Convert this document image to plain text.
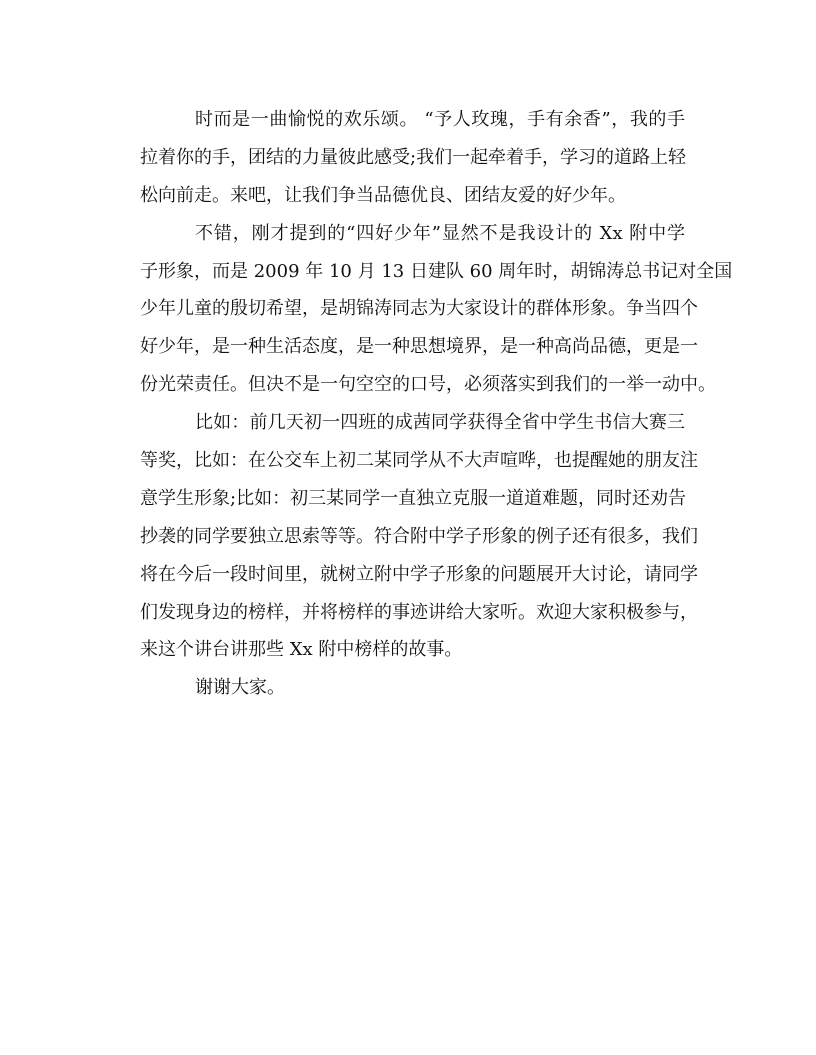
时而是一曲愉悦的欢乐颂。 “予人玫瑰，手有余香”，我的手
拉着你的手，团结的力量彼此感受;我们一起牵着手，学习的道路上轻
松向前走。来吧，让我们争当品德优良、团结友爱的好少年。
不错，刚才提到的“四好少年”显然不是我设计的 Xx 附中学
子形象，而是 2009 年 10 月 13 日建队 60 周年时，胡锦涛总书记对全国
少年儿童的殷切希望，是胡锦涛同志为大家设计的群体形象。争当四个
好少年，是一种生活态度，是一种思想境界，是一种高尚品德，更是一
份光荣责任。但决不是一句空空的口号，必须落实到我们的一举一动中。
比如：前几天初一四班的成茜同学获得全省中学生书信大赛三
等奖，比如：在公交车上初二某同学从不大声喧哗，也提醒她的朋友注
意学生形象;比如：初三某同学一直独立克服一道道难题，同时还劝告
抄袭的同学要独立思索等等。符合附中学子形象的例子还有很多，我们
将在今后一段时间里，就树立附中学子形象的问题展开大讨论，请同学
们发现身边的榜样，并将榜样的事迹讲给大家听。欢迎大家积极参与，
来这个讲台讲那些 Xx 附中榜样的故事。
谢谢大家。
